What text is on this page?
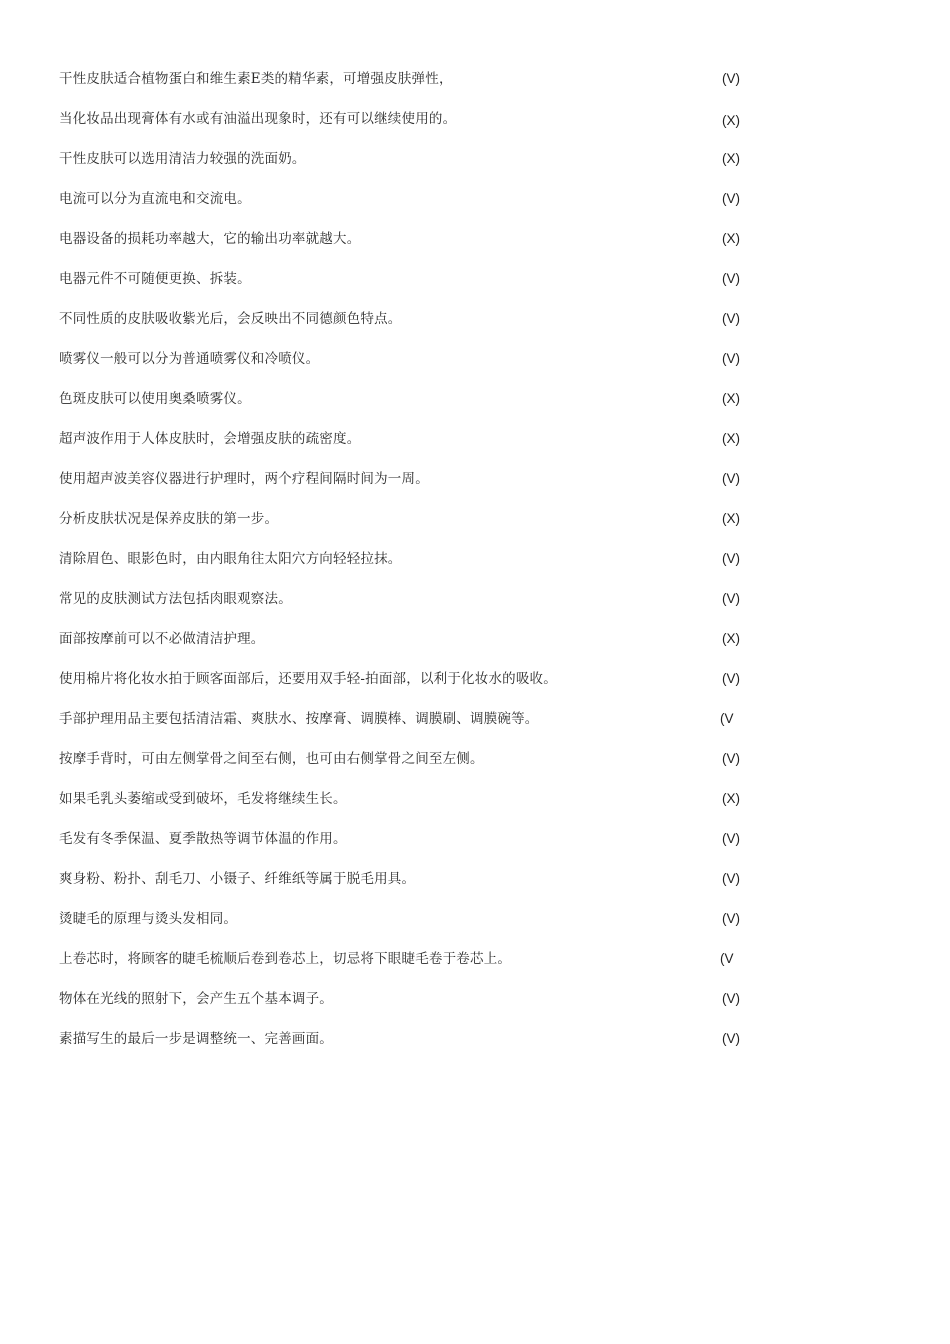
干性皮肤适合植物蛋白和维生素E类的精华素，可增强皮肤弹性，	(V)
当化妆品出现膏体有水或有油溢出现象时，还有可以继续使用的。	(X)
干性皮肤可以选用清洁力较强的洗面奶。	(X)
电流可以分为直流电和交流电。	(V)
电器设备的损耗功率越大，它的输出功率就越大。	(X)
电器元件不可随便更换、拆装。	(V)
不同性质的皮肤吸收紫光后，会反映出不同德颜色特点。	(V)
喷雾仪一般可以分为普通喷雾仪和冷喷仪。	(V)
色斑皮肤可以使用奥桑喷雾仪。	(X)
超声波作用于人体皮肤时，会增强皮肤的疏密度。	(X)
使用超声波美容仪器进行护理时，两个疗程间隔时间为一周。	(V)
分析皮肤状况是保养皮肤的第一步。	(X)
清除眉色、眼影色时，由内眼角往太阳穴方向轻轻拉抹。	(V)
常见的皮肤测试方法包括肉眼观察法。	(V)
面部按摩前可以不必做清洁护理。	(X)
使用棉片将化妆水拍于顾客面部后，还要用双手轻-拍面部，以利于化妆水的吸收。	(V)
手部护理用品主要包括清洁霜、爽肤水、按摩膏、调膜棒、调膜刷、调膜碗等。	(V
按摩手背时，可由左侧掌骨之间至右侧，也可由右侧掌骨之间至左侧。	(V)
如果毛乳头萎缩或受到破坏，毛发将继续生长。	(X)
毛发有冬季保温、夏季散热等调节体温的作用。	(V)
爽身粉、粉扑、刮毛刀、小镊子、纤维纸等属于脱毛用具。	(V)
烫睫毛的原理与烫头发相同。	(V)
上卷芯时，将顾客的睫毛梳顺后卷到卷芯上，切忌将下眼睫毛卷于卷芯上。	(V
物体在光线的照射下，会产生五个基本调子。	(V)
素描写生的最后一步是调整统一、完善画面。	(V)
